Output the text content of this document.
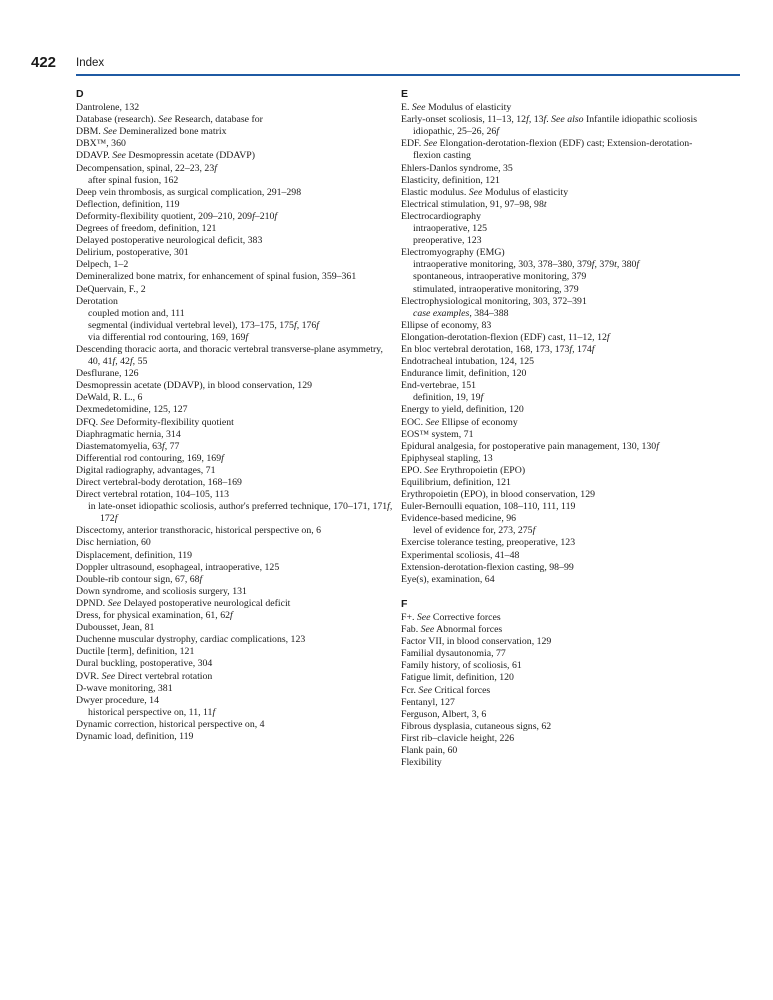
422 Index
D
Dantrolene, 132
Database (research). See Research, database for
DBM. See Demineralized bone matrix
DBX™, 360
DDAVP. See Desmopressin acetate (DDAVP)
Decompensation, spinal, 22–23, 23f
after spinal fusion, 162
Deep vein thrombosis, as surgical complication, 291–298
Deflection, definition, 119
Deformity-flexibility quotient, 209–210, 209f–210f
Degrees of freedom, definition, 121
Delayed postoperative neurological deficit, 383
Delirium, postoperative, 301
Delpech, 1–2
Demineralized bone matrix, for enhancement of spinal fusion, 359–361
DeQuervain, F., 2
Derotation
coupled motion and, 111
segmental (individual vertebral level), 173–175, 175f, 176f
via differential rod contouring, 169, 169f
Descending thoracic aorta, and thoracic vertebral transverse-plane asymmetry, 40, 41f, 42f, 55
Desflurane, 126
Desmopressin acetate (DDAVP), in blood conservation, 129
DeWald, R. L., 6
Dexmedetomidine, 125, 127
DFQ. See Deformity-flexibility quotient
Diaphragmatic hernia, 314
Diastematomyelia, 63f, 77
Differential rod contouring, 169, 169f
Digital radiography, advantages, 71
Direct vertebral-body derotation, 168–169
Direct vertebral rotation, 104–105, 113
in late-onset idiopathic scoliosis, author's preferred technique, 170–171, 171f, 172f
Discectomy, anterior transthoracic, historical perspective on, 6
Disc herniation, 60
Displacement, definition, 119
Doppler ultrasound, esophageal, intraoperative, 125
Double-rib contour sign, 67, 68f
Down syndrome, and scoliosis surgery, 131
DPND. See Delayed postoperative neurological deficit
Dress, for physical examination, 61, 62f
Dubousset, Jean, 81
Duchenne muscular dystrophy, cardiac complications, 123
Ductile [term], definition, 121
Dural buckling, postoperative, 304
DVR. See Direct vertebral rotation
D-wave monitoring, 381
Dwyer procedure, 14
historical perspective on, 11, 11f
Dynamic correction, historical perspective on, 4
Dynamic load, definition, 119
E
E. See Modulus of elasticity
Early-onset scoliosis, 11–13, 12f, 13f. See also Infantile idiopathic scoliosis
idiopathic, 25–26, 26f
EDF. See Elongation-derotation-flexion (EDF) cast; Extension-derotation-flexion casting
Ehlers-Danlos syndrome, 35
Elasticity, definition, 121
Elastic modulus. See Modulus of elasticity
Electrical stimulation, 91, 97–98, 98t
Electrocardiography
intraoperative, 125
preoperative, 123
Electromyography (EMG)
intraoperative monitoring, 303, 378–380, 379f, 379t, 380f
spontaneous, intraoperative monitoring, 379
stimulated, intraoperative monitoring, 379
Electrophysiological monitoring, 303, 372–391
case examples, 384–388
Ellipse of economy, 83
Elongation-derotation-flexion (EDF) cast, 11–12, 12f
En bloc vertebral derotation, 168, 173, 173f, 174f
Endotracheal intubation, 124, 125
Endurance limit, definition, 120
End-vertebrae, 151
definition, 19, 19f
Energy to yield, definition, 120
EOC. See Ellipse of economy
EOS™ system, 71
Epidural analgesia, for postoperative pain management, 130, 130f
Epiphyseal stapling, 13
EPO. See Erythropoietin (EPO)
Equilibrium, definition, 121
Erythropoietin (EPO), in blood conservation, 129
Euler-Bernoulli equation, 108–110, 111, 119
Evidence-based medicine, 96
level of evidence for, 273, 275f
Exercise tolerance testing, preoperative, 123
Experimental scoliosis, 41–48
Extension-derotation-flexion casting, 98–99
Eye(s), examination, 64
F
F+. See Corrective forces
Fab. See Abnormal forces
Factor VII, in blood conservation, 129
Familial dysautonomia, 77
Family history, of scoliosis, 61
Fatigue limit, definition, 120
Fcr. See Critical forces
Fentanyl, 127
Ferguson, Albert, 3, 6
Fibrous dysplasia, cutaneous signs, 62
First rib–clavicle height, 226
Flank pain, 60
Flexibility
